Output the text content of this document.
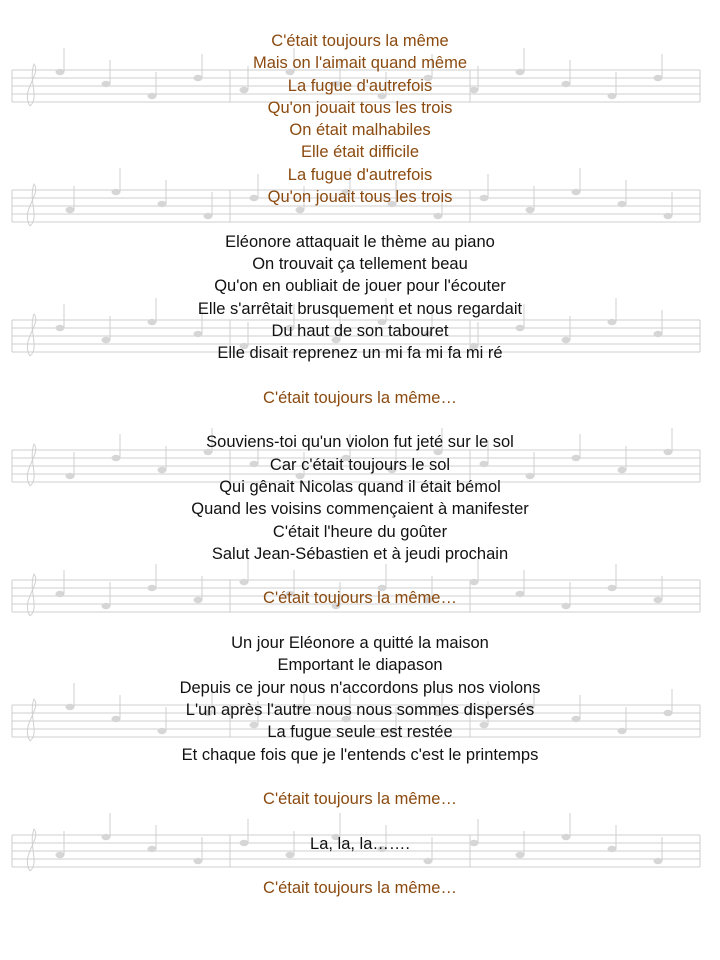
C'était toujours la même
Mais on l'aimait quand même
La fugue d'autrefois
Qu'on jouait tous les trois
On était malhabiles
Elle était difficile
La fugue d'autrefois
Qu'on jouait tous les trois
Eléonore attaquait le thème au piano
On trouvait ça tellement beau
Qu'on en oubliait de jouer pour l'écouter
Elle s'arrêtait brusquement et nous regardait
Du haut de son tabouret
Elle disait reprenez un mi fa mi fa mi ré
C'était toujours la même…
Souviens-toi qu'un violon fut jeté sur le sol
Car c'était toujours le sol
Qui gênait Nicolas quand il était bémol
Quand les voisins commençaient à manifester
C'était l'heure du goûter
Salut Jean-Sébastien et à jeudi prochain
C'était toujours la même…
Un jour Eléonore a quitté la maison
Emportant le diapason
Depuis ce jour nous n'accordons plus nos violons
L'un après l'autre nous nous sommes dispersés
La fugue seule est restée
Et chaque fois que je l'entends c'est le printemps
C'était toujours la même…
La, la, la…….
C'était toujours la même…
